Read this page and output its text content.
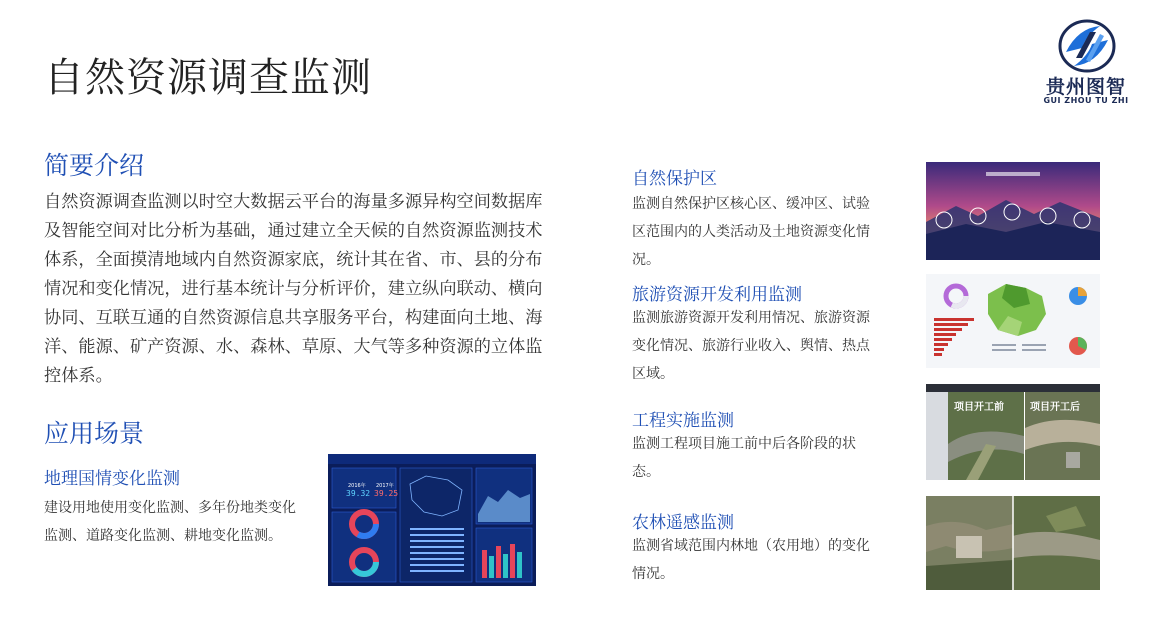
自然资源调查监测	贵州图智
GUI ZHOU TU ZHI
简要介绍

自然资源调查监测以时空大数据云平台的海量多源异构空间数据库及智能空间对比分析为基础，通过建立全天候的自然资源监测技术体系，全面摸清地域内自然资源家底，统计其在省、市、县的分布情况和变化情况，进行基本统计与分析评价，建立纵向联动、横向协同、互联互通的自然资源信息共享服务平台，构建面向土地、海洋、能源、矿产资源、水、森林、草原、大气等多种资源的立体监控体系。

应用场景
地理国情变化监测

建设用地使用变化监测、多年份地类变化监测、道路变化监测、耕地变化监测。

2016年 2017年
39.32 39.25
自然保护区

监测自然保护区核心区、缓冲区、试验区范围内的人类活动及土地资源变化情况。

旅游资源开发利用监测

监测旅游资源开发利用情况、旅游资源变化情况、旅游行业收入、舆情、热点区域。

工程实施监测

监测工程项目施工前中后各阶段的状态。

农林遥感监测

监测省域范围内林地（农用地）的变化情况。

项目开工前	项目开工后
